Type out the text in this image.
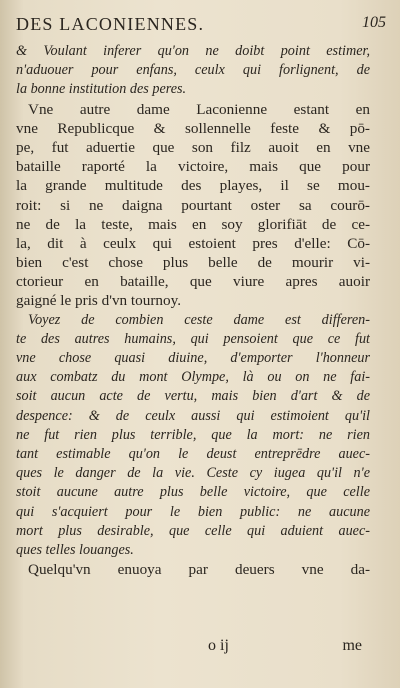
DES LACONIENNES.	105
& Voulant inferer qu'on ne doibt point estimer,
n'aduouer pour enfans, ceulx qui forlignent, de
la bonne institution des peres.
Vne autre dame Laconienne estant en
vne Republicque & sollennelle feste & pō-
pe, fut aduertie que son filz auoit en vne
bataille raporté la victoire, mais que pour
la grande multitude des playes, il se mou-
roit: si ne daigna pourtant oster sa courō-
ne de la teste, mais en soy glorifiāt de ce-
la, dit à ceulx qui estoient pres d'elle: Cō-
bien c'est chose plus belle de mourir vi-
ctorieur en bataille, que viure apres auoir
gaigné le pris d'vn tournoy.
Voyez de combien ceste dame est differen-
te des autres humains, qui pensoient que ce fut
vne chose quasi diuine, d'emporter l'honneur
aux combatz du mont Olympe, là ou on ne fai-
soit aucun acte de vertu, mais bien d'art & de
despence: & de ceulx aussi qui estimoient qu'il
ne fut rien plus terrible, que la mort: ne rien
tant estimable qu'on le deust entreprēdre auec-
ques le danger de la vie. Ceste cy iugea qu'il n'e
stoit aucune autre plus belle victoire, que celle
qui s'acquiert pour le bien public: ne aucune
mort plus desirable, que celle qui aduient auec-
ques telles louanges.
Quelqu'vn enuoya par deuers vne da-
o ij	me
